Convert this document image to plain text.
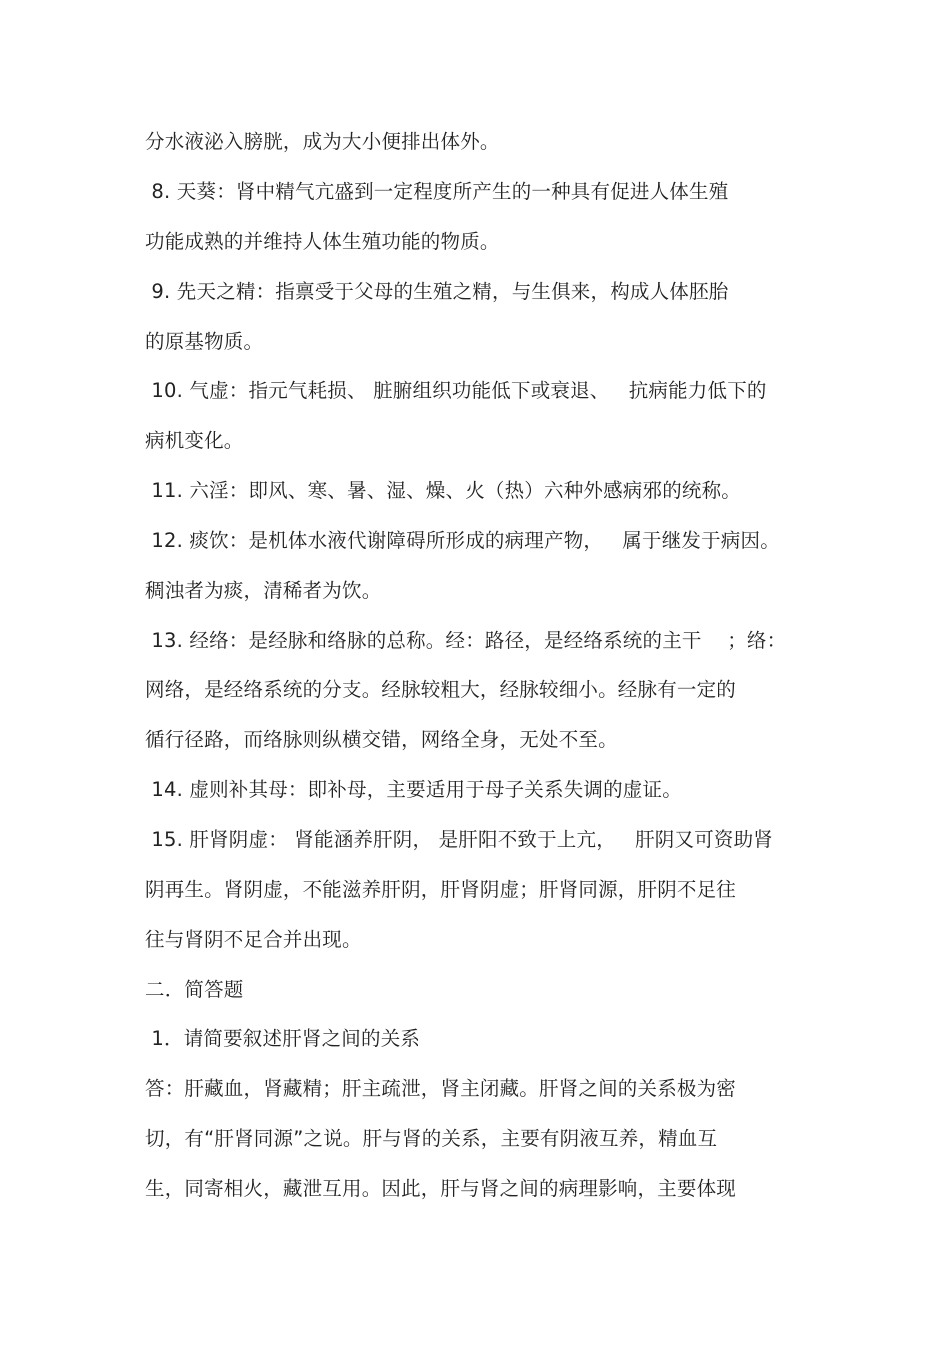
分水液泌入膀胱，成为大小便排出体外。
8. 天葵：肾中精气亢盛到一定程度所产生的一种具有促进人体生殖
功能成熟的并维持人体生殖功能的物质。
9. 先天之精：指禀受于父母的生殖之精，与生俱来，构成人体胚胎
的原基物质。
10. 气虚：指元气耗损、 脏腑组织功能低下或衰退、   抗病能力低下的
病机变化。
11. 六淫：即风、寒、暑、湿、燥、火（热）六种外感病邪的统称。
12. 痰饮：是机体水液代谢障碍所形成的病理产物，   属于继发于病因。
稠浊者为痰，清稀者为饮。
13. 经络：是经脉和络脉的总称。经：路径，是经络系统的主干    ；络：
网络，是经络系统的分支。经脉较粗大，经脉较细小。经脉有一定的
循行径路，而络脉则纵横交错，网络全身，无处不至。
14. 虚则补其母：即补母，主要适用于母子关系失调的虚证。
15. 肝肾阴虚： 肾能涵养肝阴， 是肝阳不致于上亢，   肝阴又可资助肾
阴再生。肾阴虚，不能滋养肝阴，肝肾阴虚；肝肾同源，肝阴不足往
往与肾阴不足合并出现。
二．简答题
1．请简要叙述肝肾之间的关系
答：肝藏血，肾藏精；肝主疏泄，肾主闭藏。肝肾之间的关系极为密
切，有“肝肾同源”之说。肝与肾的关系，主要有阴液互养，精血互
生，同寄相火，藏泄互用。因此，肝与肾之间的病理影响，主要体现
